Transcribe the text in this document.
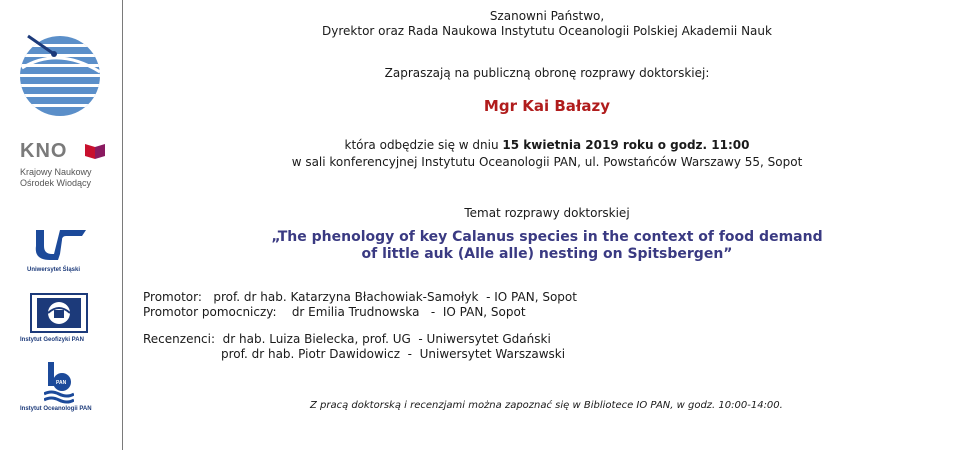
KNO
Krajowy Naukowy
Ośrodek Wiodący
Uniwersytet Śląski
Instytut Geofizyki PAN
PAN
Instytut Oceanologii PAN
Szanowni Państwo,
Dyrektor oraz Rada Naukowa Instytutu Oceanologii Polskiej Akademii Nauk
Zapraszają na publiczną obronę rozprawy doktorskiej:
Mgr Kai Bałazy
która odbędzie się w dniu 15 kwietnia 2019 roku o godz. 11:00
w sali konferencyjnej Instytutu Oceanologii PAN, ul. Powstańców Warszawy 55, Sopot
Temat rozprawy doktorskiej
„The phenology of key Calanus species in the context of food demand
of little auk (Alle alle) nesting on Spitsbergen”
Promotor:   prof. dr hab. Katarzyna Błachowiak-Samołyk  - IO PAN, Sopot
Promotor pomocniczy:    dr Emilia Trudnowska   -  IO PAN, Sopot
Recenzenci:  dr hab. Luiza Bielecka, prof. UG  - Uniwersytet Gdański
prof. dr hab. Piotr Dawidowicz  -  Uniwersytet Warszawski
Z pracą doktorską i recenzjami można zapoznać się w Bibliotece IO PAN, w godz. 10:00-14:00.
